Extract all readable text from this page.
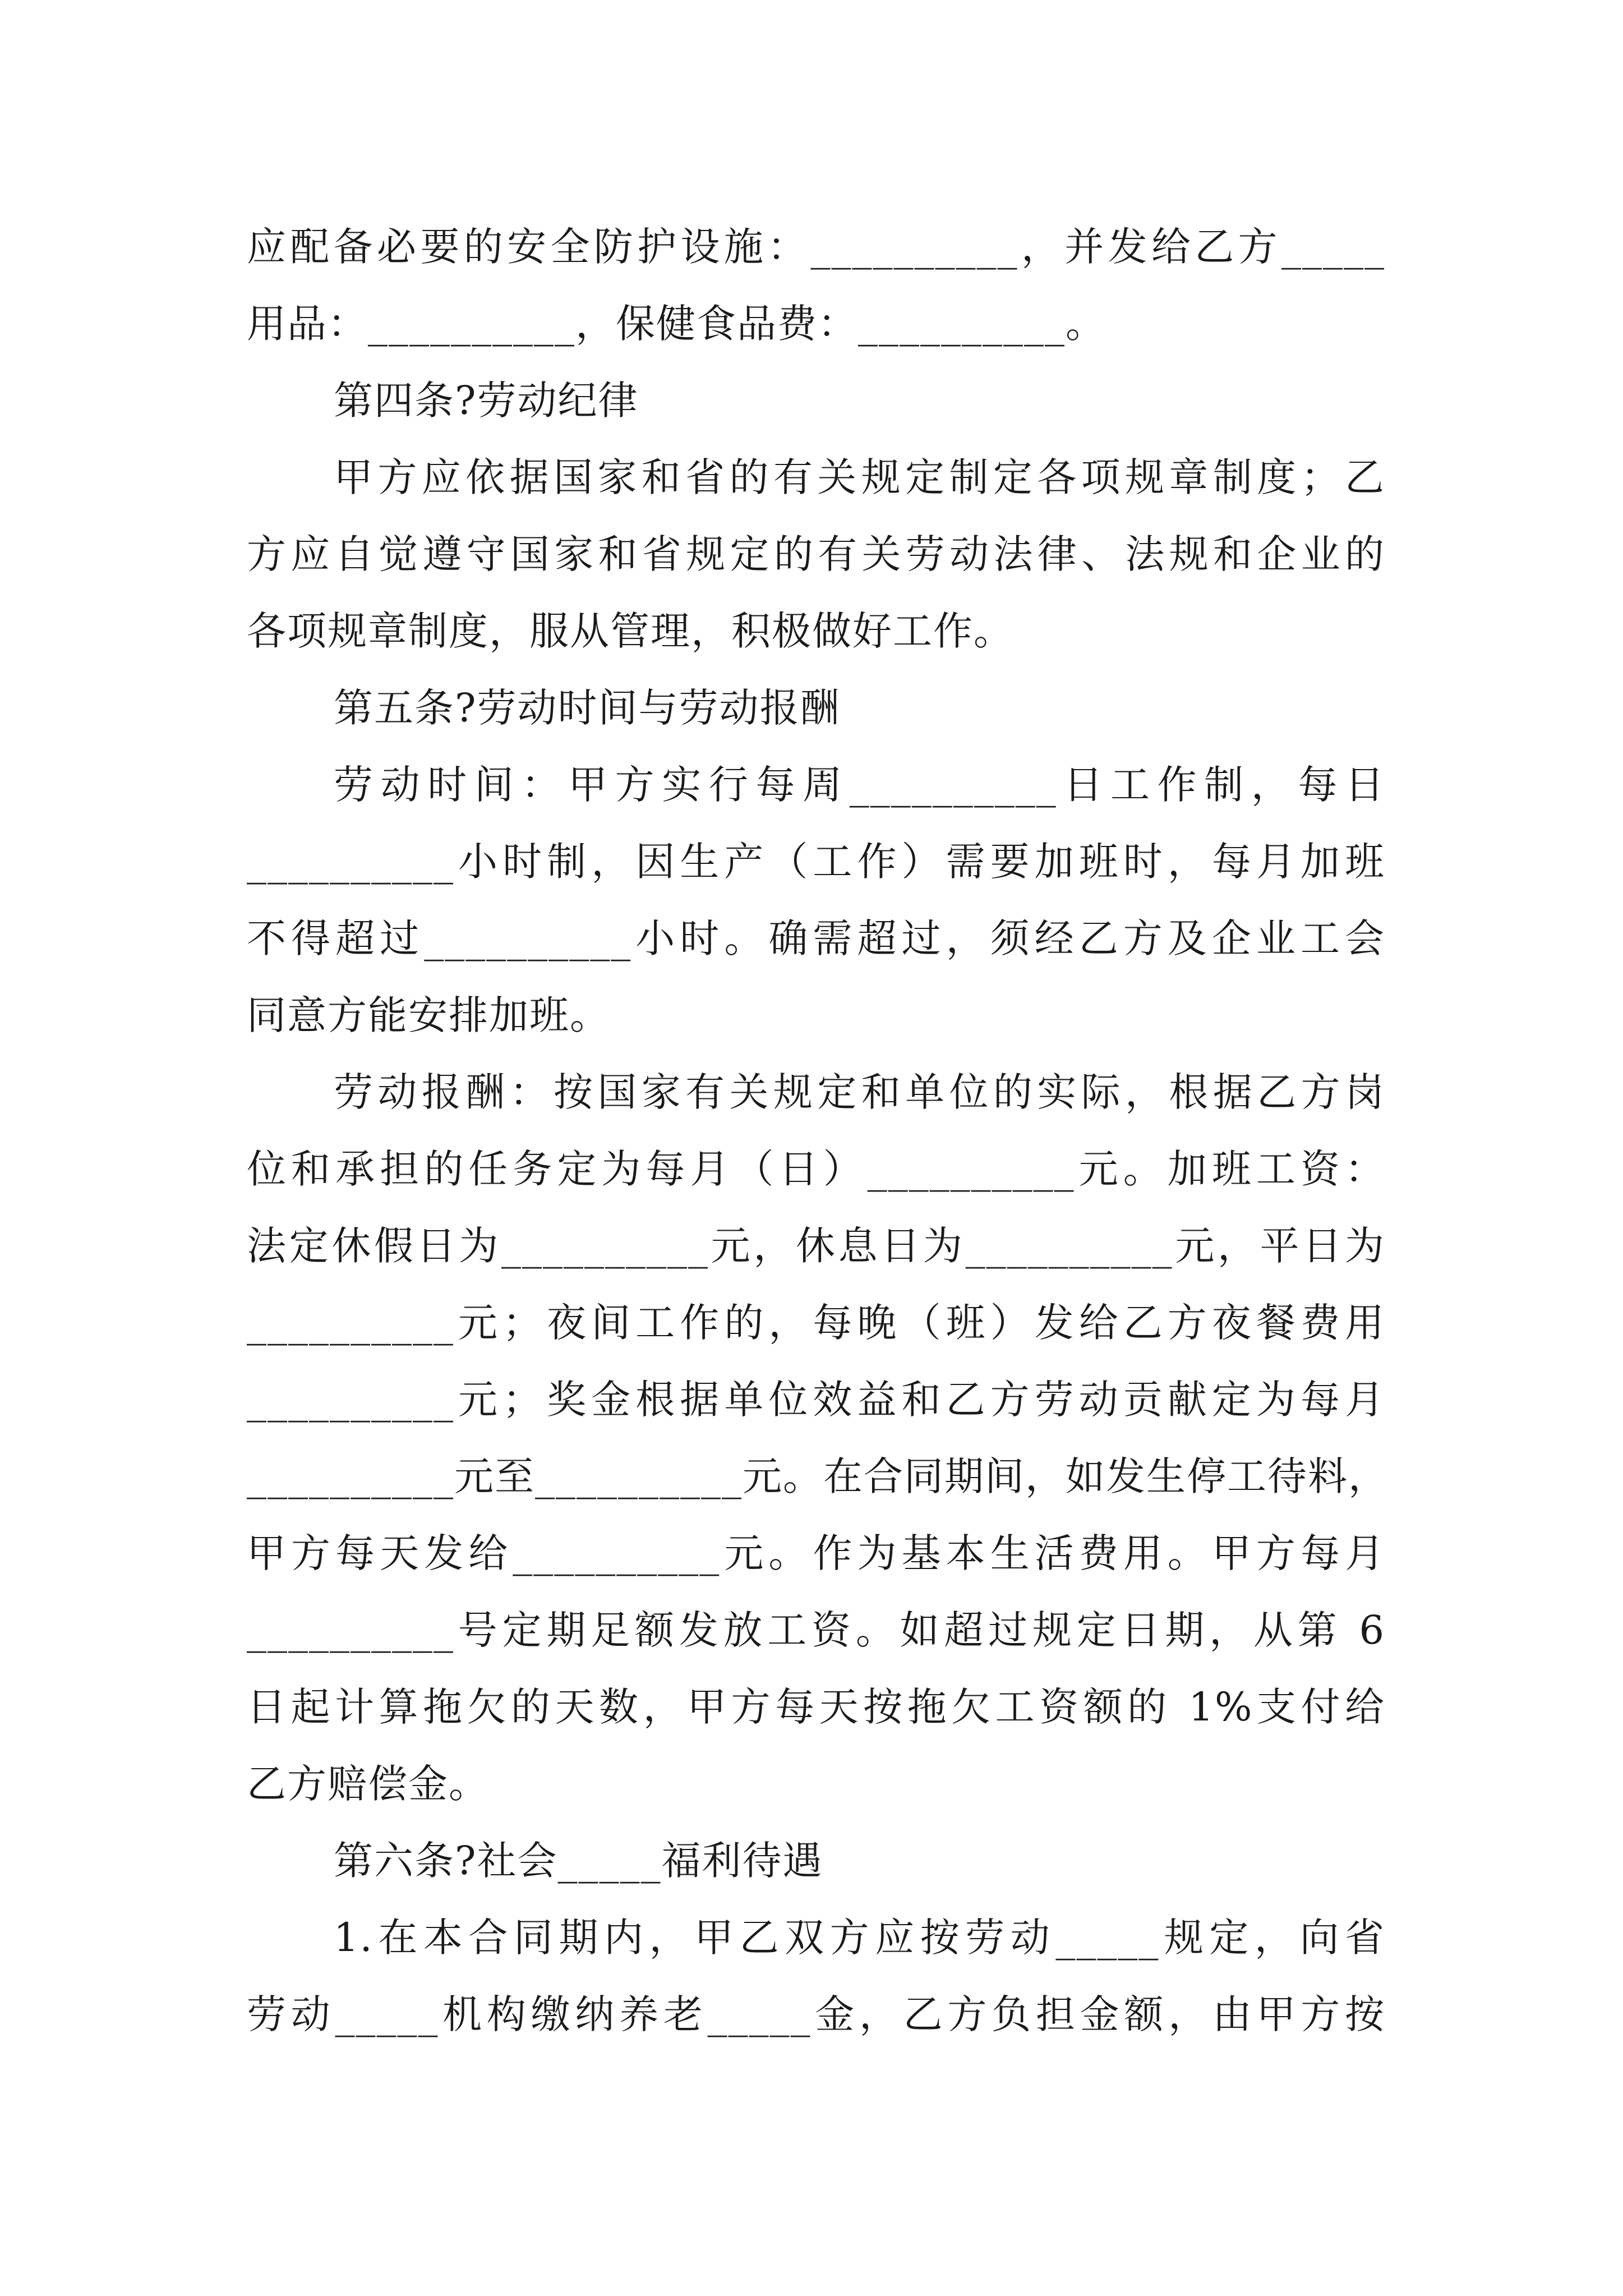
应配备必要的安全防护设施：__________，并发给乙方_____
用品：__________，保健食品费：__________。
第四条?劳动纪律
甲方应依据国家和省的有关规定制定各项规章制度；乙
方应自觉遵守国家和省规定的有关劳动法律、法规和企业的
各项规章制度，服从管理，积极做好工作。
第五条?劳动时间与劳动报酬
劳动时间：甲方实行每周__________日工作制，每日
__________小时制，因生产（工作）需要加班时，每月加班
不得超过__________小时。确需超过，须经乙方及企业工会
同意方能安排加班。
劳动报酬：按国家有关规定和单位的实际，根据乙方岗
位和承担的任务定为每月（日）__________元。加班工资：
法定休假日为__________元，休息日为__________元，平日为
__________元；夜间工作的，每晚（班）发给乙方夜餐费用
__________元；奖金根据单位效益和乙方劳动贡献定为每月
__________元至__________元。在合同期间，如发生停工待料，
甲方每天发给__________元。作为基本生活费用。甲方每月
__________号定期足额发放工资。如超过规定日期，从第 6
日起计算拖欠的天数，甲方每天按拖欠工资额的 1%支付给
乙方赔偿金。
第六条?社会_____福利待遇
1.在本合同期内，甲乙双方应按劳动_____规定，向省
劳动_____机构缴纳养老_____金，乙方负担金额，由甲方按
